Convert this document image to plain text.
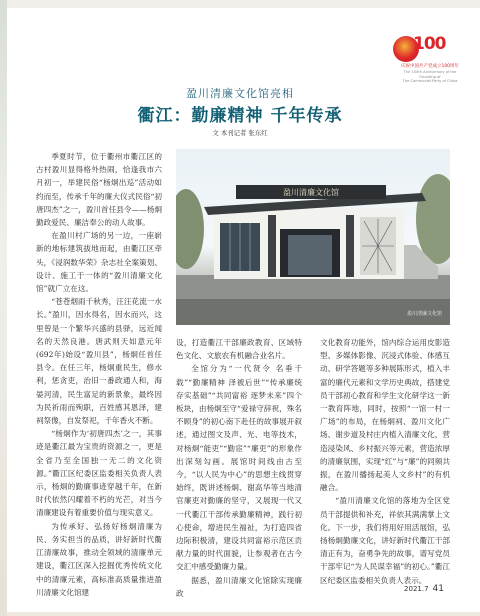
100
庆祝中国共产党成立100周年
The 100th Anniversary of the Founding of
The Communist Party of China
盈川清廉文化馆亮相
衢江：勤廉精神 千年传承
文 本刊记者 张东红
盈川清廉文化馆
盈川清廉文化馆

季夏时节，位于衢州市衢江区的古村盈川显得格外热闹，恰逢我市六月初一，举建民俗“杨炯出巡”活动如约而至，传承千年的廉大仪式民俗“初唐四杰”之一，盈川首任县令——杨炯勤政爱民、廉洁奉公的动人故事。

在盈川村广场的另一边，一座崭新的地标建筑拔地而起，由衢江区牵头，《浸润数华荣》杂志社全案策划、设计、施工于一体的“盈川清廉文化馆”就广立在这。

“苍苍烟雨千秋秀，汪汪花流一水长。”盈川，因水得名，因水而兴，这里曾是一个繁华兴盛的县驿，远近闻名的天然良港。唐武则天如意元年(692年)始设“盈川县”，杨炯任首任县令。在任三年，杨炯重民生，修水利，惩贪吏，治旧一番政通人和，海晏河清，民生富足的新景象，最终因为民祈雨而殉职，百姓感其恩泽，建祠祭像，自发祭祀，千年香火不断。

“杨炯作为‘初唐四杰’之一，其事迹是衢江最为宝贵的资源之一，更是全省乃至全国独一无二的文化资源。”衢江区纪委区监委相关负责人表示，杨炯的勤廉事迹穿越千年，在新时代依然闪耀着不朽的光芒，对当今清廉建设有着重要价值与现实意义。

为传承好、弘扬好杨炯清廉为民、务实担当的品质，讲好新时代衢江清廉故事，推动全领域的清廉单元建设，衢江区深入挖掘优秀传统文化中的清廉元素，高标准高质量推进盈川清廉文化馆建

设，打造衢江干部廉政教育、区域特色文化、文旅农有机融合业名片。

全馆分为“一代贤令 名垂千载”“勤廉精神 泽被后世”“传承廉统 存实基础”“共同富裕 逐梦未来”四个板块，由杨炯至守“爱禄守辞祝，殊名不顾身”的初心南下赴任的故事展开叙述，通过图文及声、光、电等技术，对杨炯“能吏”“勤宦”“廉吏”的形象作出深刻勾画。展馆时间线由古至今，“以人民为中心”的思想主线贯穿始终，既讲述杨炯、谢高华等当地清官廉吏对勤廉的坚守，又展现一代又一代衢江干部传承勤廉精神，践行初心使命，增进民生福祉，为打造四省边际积极清，建设共同富裕示范区贡献力量的时代面貌，让参观者在古今交汇中感受勤廉力量。

据悉，盈川清廉文化馆除实现廉政

文化教育功能外，馆内综合运用皮影造型、多媒体影像、沉浸式体验、体感互动、研学答题等多种展陈形式，植入丰富的廉代元素和文学历史典故，搭建党员干部初心教育和学生文化研学这一新一教育阵地，同时，按照“一馆一村一广场”的布局，在杨炯祠、盈川文化广场、谢步道及村庄内植入清廉文化，营造浸染风、乡村振兴等元素，营造浓厚的清廉氛围，实现“红”与“廉”的同频共振，在盈川播扬起美人文乡村”的有机融合。

“盈川清廉文化馆的落地为全区党员干部提供和补充，祥依其满满掌上文化。下一步，我们将用好用活展馆，弘扬杨炯勤廉文化，讲好新时代衢江干部清正有为，奋勇争先的故事，谱写党员干部牢记“为人民谋幸福”的初心。”衢江区纪委区监委相关负责人表示。

2021.7 41
